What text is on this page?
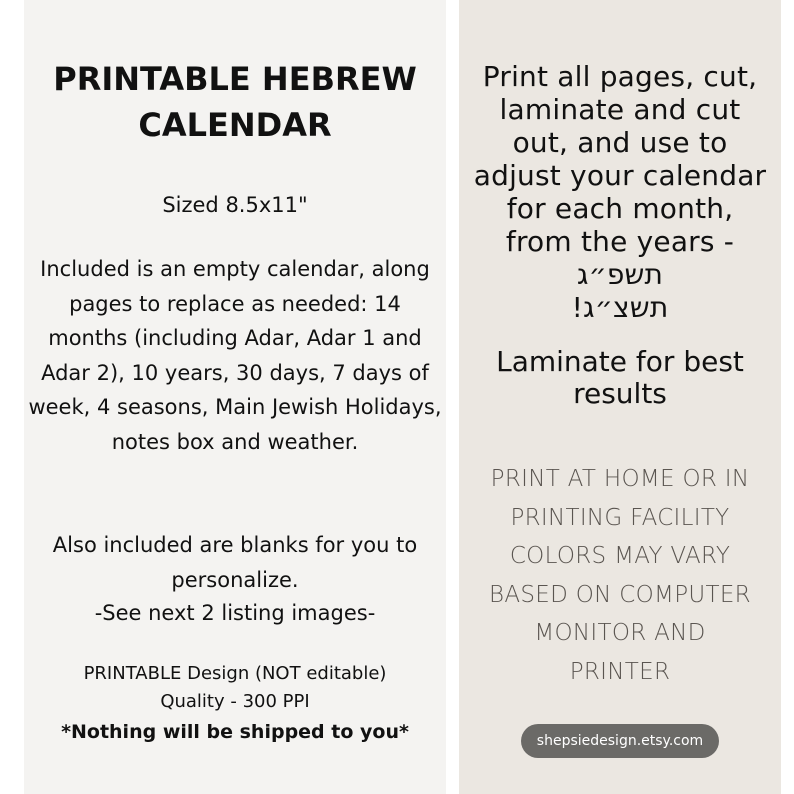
PRINTABLE HEBREW CALENDAR
Sized 8.5x11"
Included is an empty calendar, along pages to replace as needed: 14 months (including Adar, Adar 1 and Adar 2), 10 years, 30 days, 7 days of week, 4 seasons, Main Jewish Holidays, notes box and weather.
Also included are blanks for you to personalize.
-See next 2 listing images-
PRINTABLE Design (NOT editable)
Quality - 300 PPI
*Nothing will be shipped to you*
Print all pages, cut, laminate and cut out, and use to adjust your calendar for each month, from the years - תשפ״ג
תשצ״ג!
Laminate for best results
PRINT AT HOME OR IN
PRINTING FACILITY
COLORS MAY VARY
BASED ON COMPUTER
MONITOR AND
PRINTER
shepsiedesign.etsy.com
